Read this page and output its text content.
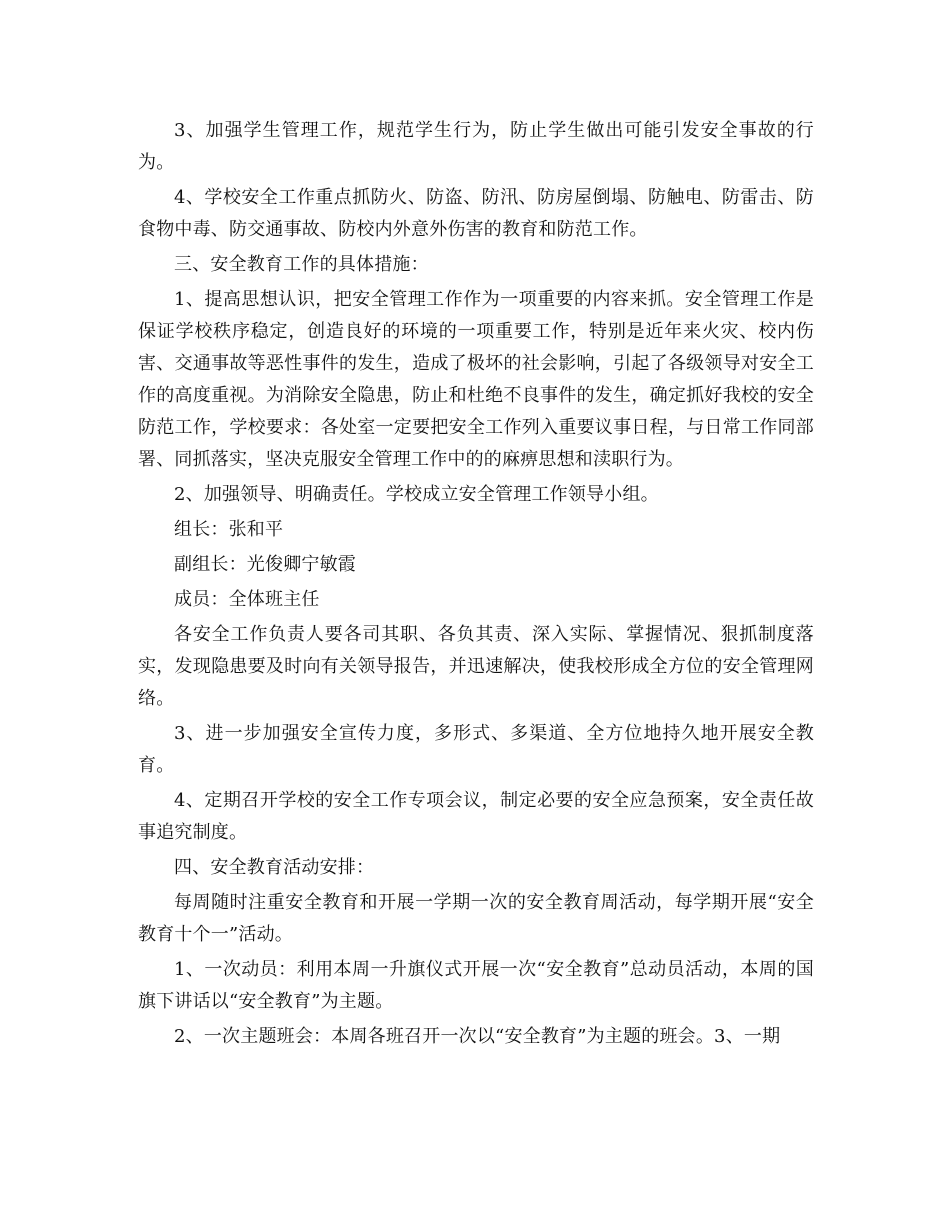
3、加强学生管理工作，规范学生行为，防止学生做出可能引发安全事故的行为。

4、学校安全工作重点抓防火、防盗、防汛、防房屋倒塌、防触电、防雷击、防食物中毒、防交通事故、防校内外意外伤害的教育和防范工作。

三、安全教育工作的具体措施：

1、提高思想认识，把安全管理工作作为一项重要的内容来抓。安全管理工作是保证学校秩序稳定，创造良好的环境的一项重要工作，特别是近年来火灾、校内伤害、交通事故等恶性事件的发生，造成了极坏的社会影响，引起了各级领导对安全工作的高度重视。为消除安全隐患，防止和杜绝不良事件的发生，确定抓好我校的安全防范工作，学校要求：各处室一定要把安全工作列入重要议事日程，与日常工作同部署、同抓落实，坚决克服安全管理工作中的的麻痹思想和渎职行为。

2、加强领导、明确责任。学校成立安全管理工作领导小组。

组长：张和平

副组长：光俊卿宁敏霞

成员：全体班主任

各安全工作负责人要各司其职、各负其责、深入实际、掌握情况、狠抓制度落实，发现隐患要及时向有关领导报告，并迅速解决，使我校形成全方位的安全管理网络。

3、进一步加强安全宣传力度，多形式、多渠道、全方位地持久地开展安全教育。

4、定期召开学校的安全工作专项会议，制定必要的安全应急预案，安全责任故事追究制度。

四、安全教育活动安排：

每周随时注重安全教育和开展一学期一次的安全教育周活动，每学期开展“安全教育十个一”活动。

1、一次动员：利用本周一升旗仪式开展一次“安全教育”总动员活动，本周的国旗下讲话以“安全教育”为主题。

2、一次主题班会：本周各班召开一次以“安全教育”为主题的班会。3、一期
